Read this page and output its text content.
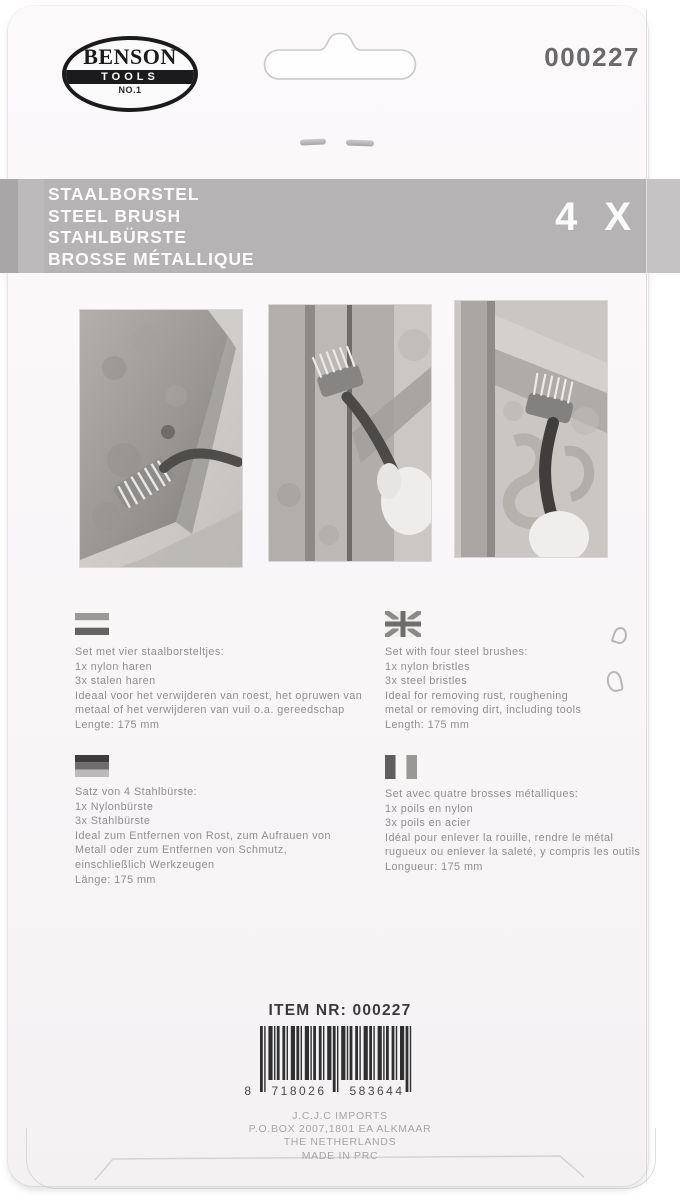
BENSON
TOOLS
NO.1
000227
STAALBORSTEL
STEEL BRUSH
STAHLBÜRSTE
BROSSE MÉTALLIQUE
4 X
Set met vier staalborsteltjes:
1x nylon haren
3x stalen haren
Ideaal voor het verwijderen van roest, het opruwen van
metaal of het verwijderen van vuil o.a. gereedschap
Lengte: 175 mm
Set with four steel brushes:
1x nylon bristles
3x steel bristles
Ideal for removing rust, roughening
metal or removing dirt, including tools
Length: 175 mm
Satz von 4 Stahlbürste:
1x Nylonbürste
3x Stahlbürste
Ideal zum Entfernen von Rost, zum Aufrauen von
Metall oder zum Entfernen von Schmutz,
einschließlich Werkzeugen
Länge: 175 mm
Set avec quatre brosses métalliques:
1x poils en nylon
3x poils en acier
Idéal pour enlever la rouille, rendre le métal
rugueux ou enlever la saleté, y compris les outils
Longueur: 175 mm
ITEM NR: 000227
8	718026	583644
J.C.J.C IMPORTS
P.O.BOX 2007,1801 EA ALKMAAR
THE NETHERLANDS
MADE IN PRC
